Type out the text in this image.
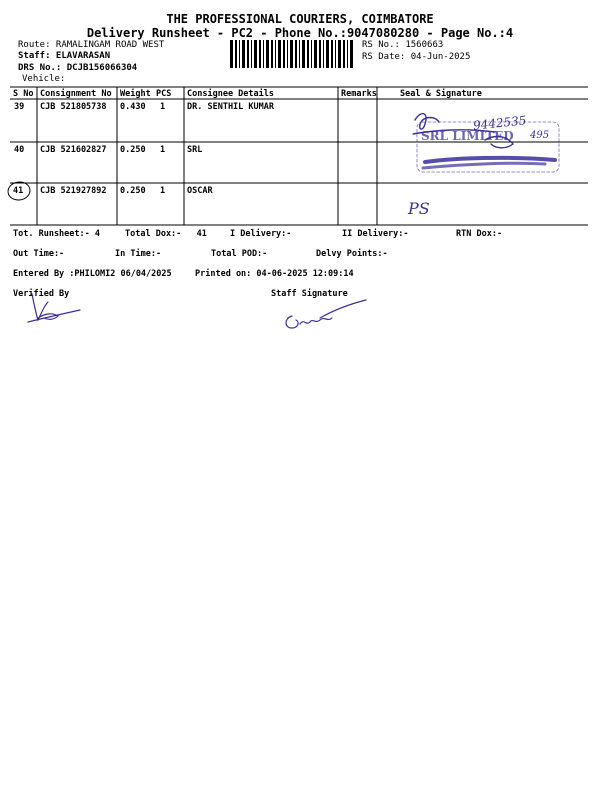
THE PROFESSIONAL COURIERS, COIMBATORE
Delivery Runsheet - PC2 - Phone No.:9047080280 - Page No.:4
Route: RAMALINGAM ROAD WEST
Staff: ELAVARASAN
DRS No.: DCJB156066304
Vehicle:
RS No.: 1560663
RS Date: 04-Jun-2025
S No Consignment No Weight PCS Consignee Details	Remarks	Seal & Signature
39 CJB 521805738 0.430 1	DR. SENTHIL KUMAR
40 CJB 521602827 0.250 1	SRL
41 CJB 521927892 0.250 1	OSCAR
SRL LIMITED
9442535
495
PS
Tot. Runsheet:- 4	Total Dox:-   41	I Delivery:-	II Delivery:-	RTN Dox:-
Out Time:-	In Time:-	Total POD:-	Delvy Points:-
Entered By :PHILOMI2 06/04/2025	Printed on: 04-06-2025 12:09:14
Verified By	Staff Signature
